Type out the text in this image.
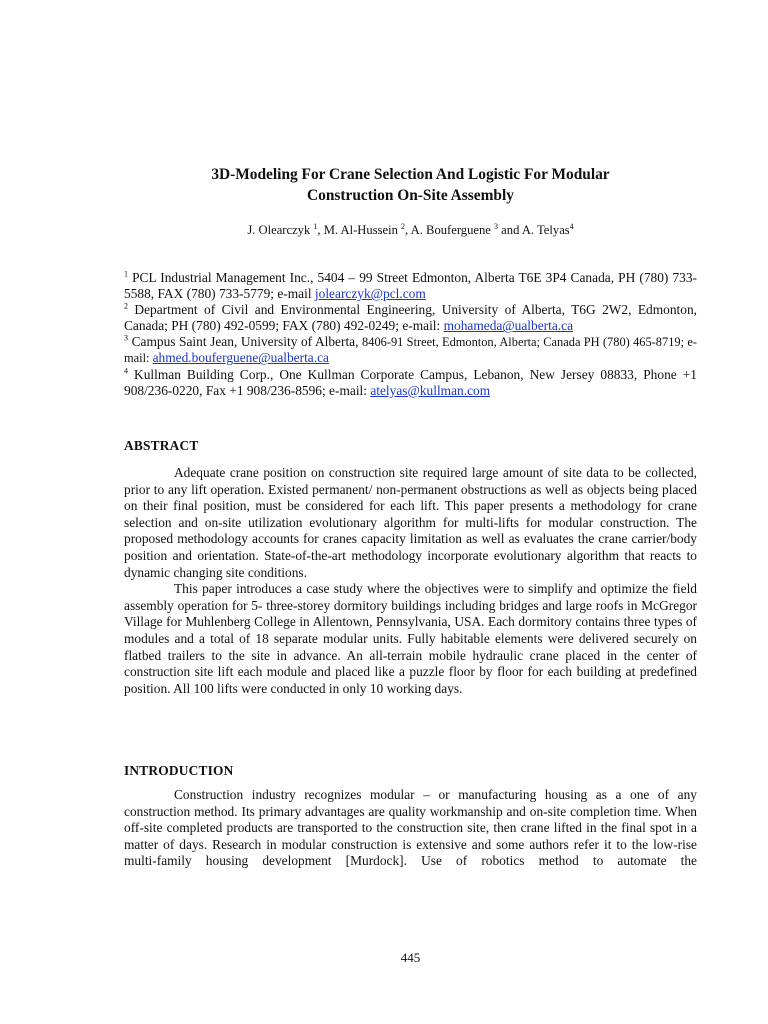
3D-Modeling For Crane Selection And Logistic For Modular
Construction On-Site Assembly
J. Olearczyk $^1$, M. Al-Hussein $^2$, A. Bouferguene $^3$ and A. Telyas$^4$

$^1$ PCL Industrial Management Inc., 5404 – 99 Street Edmonton, Alberta T6E 3P4 Canada, PH (780) 733-5588, FAX (780) 733-5779; e-mail jolearczyk@pcl.com

$^2$ Department of Civil and Environmental Engineering, University of Alberta, T6G 2W2, Edmonton, Canada; PH (780) 492-0599; FAX (780) 492-0249; e-mail: mohameda@ualberta.ca

$^3$ Campus Saint Jean, University of Alberta, 8406-91 Street, Edmonton, Alberta; Canada PH (780) 465-8719; e-mail: ahmed.bouferguene@ualberta.ca

$^4$ Kullman Building Corp., One Kullman Corporate Campus, Lebanon, New Jersey 08833, Phone +1 908/236-0220, Fax +1 908/236-8596; e-mail: atelyas@kullman.com

ABSTRACT

Adequate crane position on construction site required large amount of site data to be collected, prior to any lift operation. Existed permanent/ non-permanent obstructions as well as objects being placed on their final position, must be considered for each lift. This paper presents a methodology for crane selection and on-site utilization evolutionary algorithm for multi-lifts for modular construction. The proposed methodology accounts for cranes capacity limitation as well as evaluates the crane carrier/body position and orientation. State-of-the-art methodology incorporate evolutionary algorithm that reacts to dynamic changing site conditions.

This paper introduces a case study where the objectives were to simplify and optimize the field assembly operation for 5- three-storey dormitory buildings including bridges and large roofs in McGregor Village for Muhlenberg College in Allentown, Pennsylvania, USA. Each dormitory contains three types of modules and a total of 18 separate modular units. Fully habitable elements were delivered securely on flatbed trailers to the site in advance. An all-terrain mobile hydraulic crane placed in the center of construction site lift each module and placed like a puzzle floor by floor for each building at predefined position. All 100 lifts were conducted in only 10 working days.

INTRODUCTION

Construction industry recognizes modular – or manufacturing housing as a one of any construction method. Its primary advantages are quality workmanship and on-site completion time. When off-site completed products are transported to the construction site, then crane lifted in the final spot in a matter of days. Research in modular construction is extensive and some authors refer it to the low-rise multi-family housing development [Murdock]. Use of robotics method to automate the

445
